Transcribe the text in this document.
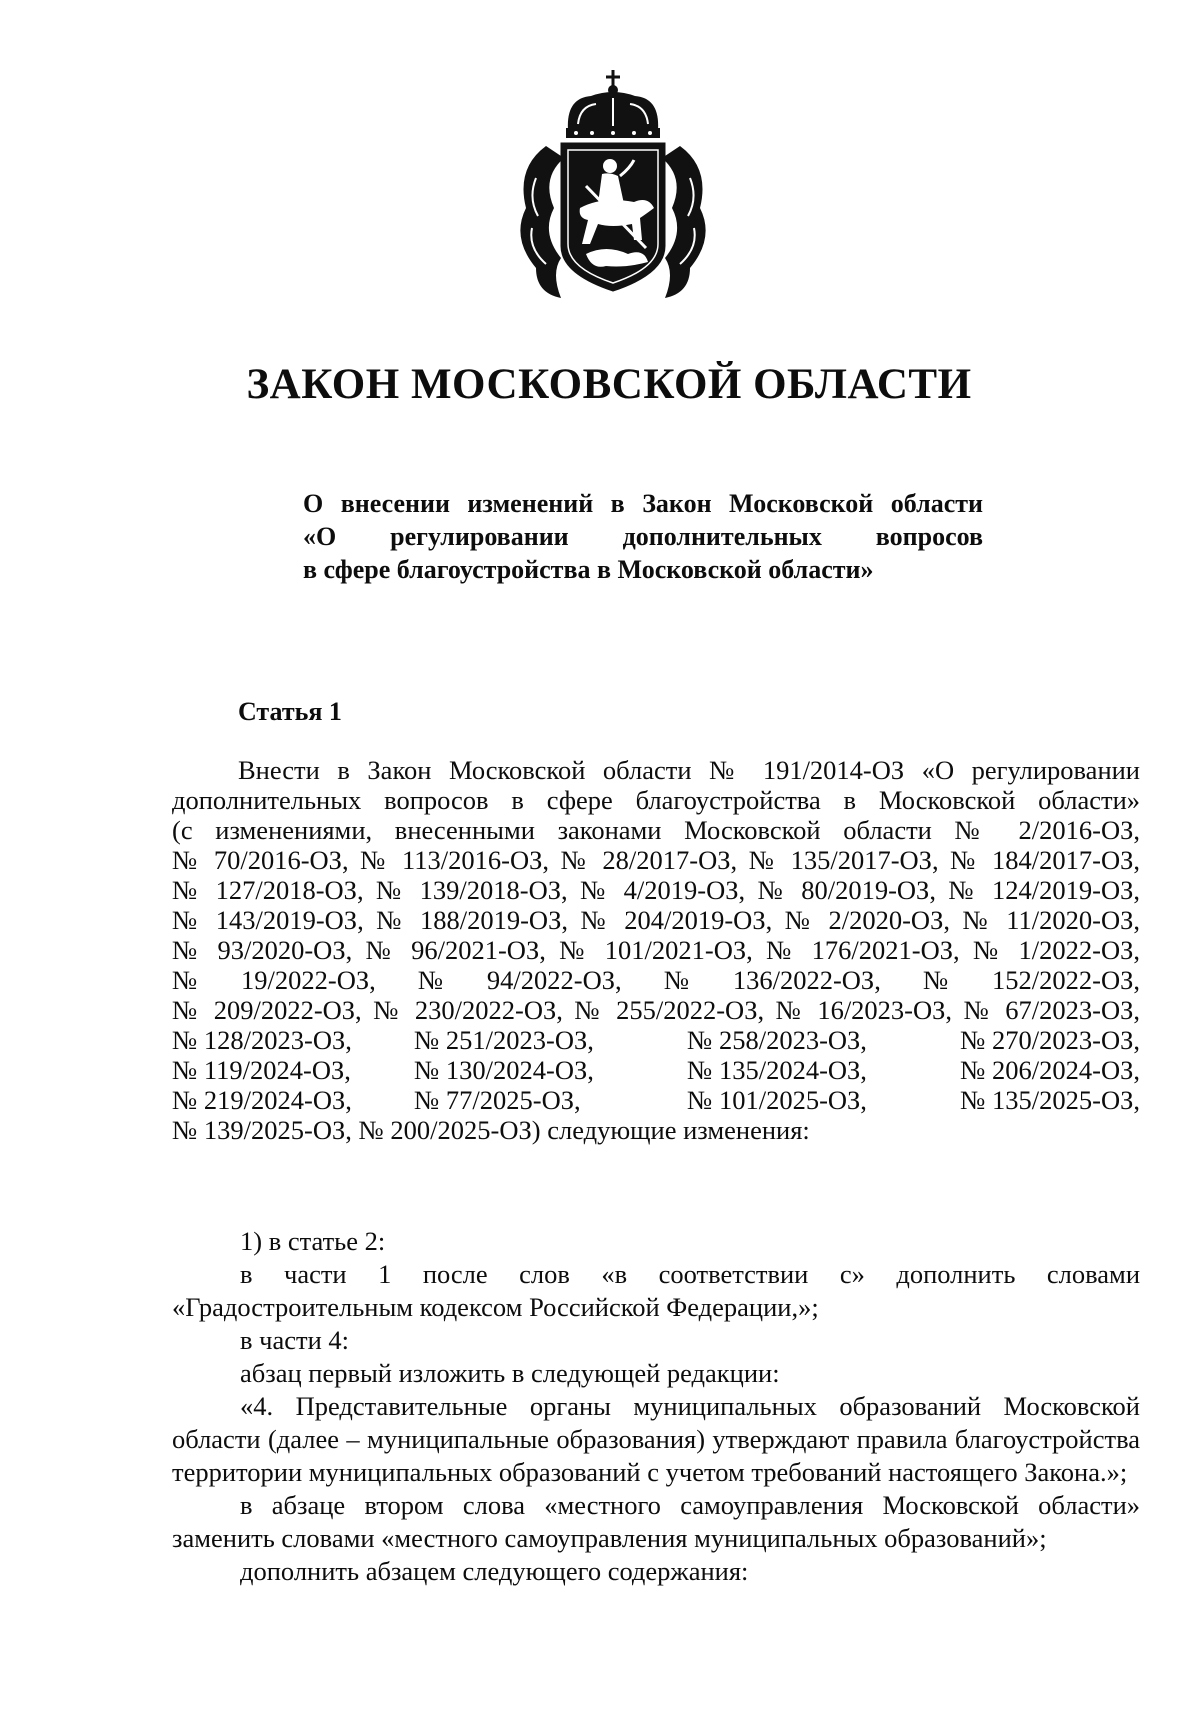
ЗАКОН МОСКОВСКОЙ ОБЛАСТИ
О внесении изменений в Закон Московской области
«О регулировании дополнительных вопросов
в сфере благоустройства в Московской области»
Статья 1
Внести в Закон Московской области № 191/2014-ОЗ «О регулировании
дополнительных вопросов в сфере благоустройства в Московской области»
(с изменениями, внесенными законами Московской области № 2/2016-ОЗ,
№ 70/2016-ОЗ, № 113/2016-ОЗ, № 28/2017-ОЗ, № 135/2017-ОЗ, № 184/2017-ОЗ,
№ 127/2018-ОЗ, № 139/2018-ОЗ, № 4/2019-ОЗ, № 80/2019-ОЗ, № 124/2019-ОЗ,
№ 143/2019-ОЗ, № 188/2019-ОЗ, № 204/2019-ОЗ, № 2/2020-ОЗ, № 11/2020-ОЗ,
№ 93/2020-ОЗ, № 96/2021-ОЗ, № 101/2021-ОЗ, № 176/2021-ОЗ, № 1/2022-ОЗ,
№ 19/2022-ОЗ, № 94/2022-ОЗ, № 136/2022-ОЗ, № 152/2022-ОЗ,
№ 209/2022-ОЗ, № 230/2022-ОЗ, № 255/2022-ОЗ, № 16/2023-ОЗ, № 67/2023-ОЗ,
№ 128/2023-ОЗ,	№ 251/2023-ОЗ,	№ 258/2023-ОЗ,	№ 270/2023-ОЗ,
№ 119/2024-ОЗ,	№ 130/2024-ОЗ,	№ 135/2024-ОЗ,	№ 206/2024-ОЗ,
№ 219/2024-ОЗ,	№ 77/2025-ОЗ,	№ 101/2025-ОЗ,	№ 135/2025-ОЗ,
№ 139/2025-ОЗ, № 200/2025-ОЗ) следующие изменения:
1) в статье 2:
в части 1 после слов «в соответствии с» дополнить словами
«Градостроительным кодексом Российской Федерации,»;
в части 4:
абзац первый изложить в следующей редакции:
«4. Представительные органы муниципальных образований Московской области (далее – муниципальные образования) утверждают правила благоустройства территории муниципальных образований с учетом требований настоящего Закона.»;
в абзаце втором слова «местного самоуправления Московской области» заменить словами «местного самоуправления муниципальных образований»;
дополнить абзацем следующего содержания:
